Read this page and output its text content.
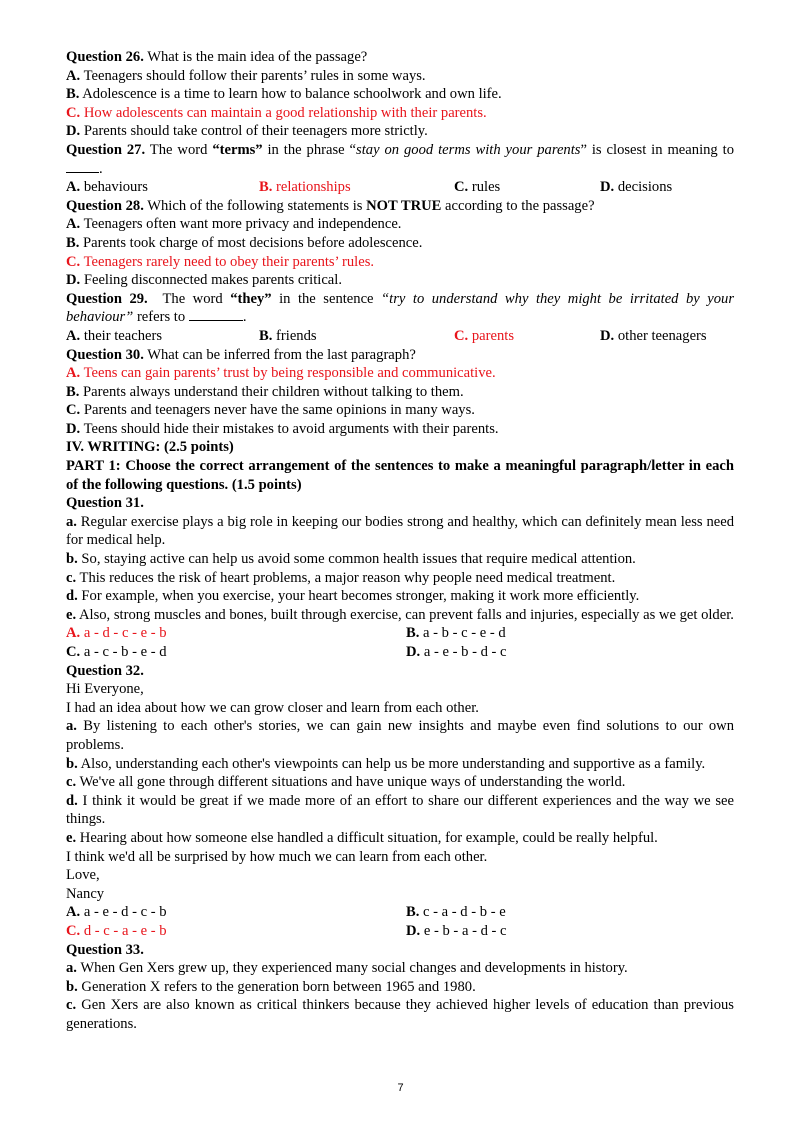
Question 26. What is the main idea of the passage?
A. Teenagers should follow their parents’ rules in some ways.
B. Adolescence is a time to learn how to balance schoolwork and own life.
C. How adolescents can maintain a good relationship with their parents.
D. Parents should take control of their teenagers more strictly.
Question 27. The word “terms” in the phrase “stay on good terms with your parents” is closest in meaning to .
A. behaviours	B. relationships	C. rules	D. decisions
Question 28. Which of the following statements is NOT TRUE according to the passage?
A. Teenagers often want more privacy and independence.
B. Parents took charge of most decisions before adolescence.
C. Teenagers rarely need to obey their parents’ rules.
D. Feeling disconnected makes parents critical.
Question 29.  The word “they” in the sentence “try to understand why they might be irritated by your behaviour” refers to	.
A. their teachers	B. friends	C. parents	D. other teenagers
Question 30. What can be inferred from the last paragraph?
A. Teens can gain parents’ trust by being responsible and communicative.
B. Parents always understand their children without talking to them.
C. Parents and teenagers never have the same opinions in many ways.
D. Teens should hide their mistakes to avoid arguments with their parents.
IV. WRITING: (2.5 points)
PART 1: Choose the correct arrangement of the sentences to make a meaningful paragraph/letter in each of the following questions. (1.5 points)
Question 31.
a. Regular exercise plays a big role in keeping our bodies strong and healthy, which can definitely mean less need for medical help.
b. So, staying active can help us avoid some common health issues that require medical attention.
c. This reduces the risk of heart problems, a major reason why people need medical treatment.
d. For example, when you exercise, your heart becomes stronger, making it work more efficiently.
e. Also, strong muscles and bones, built through exercise, can prevent falls and injuries, especially as we get older.
A. a - d - c - e - b	B. a - b - c - e - d
C. a - c - b - e - d	D. a - e - b - d - c
Question 32.
Hi Everyone,
I had an idea about how we can grow closer and learn from each other.
a. By listening to each other's stories, we can gain new insights and maybe even find solutions to our own problems.
b. Also, understanding each other's viewpoints can help us be more understanding and supportive as a family.
c. We've all gone through different situations and have unique ways of understanding the world.
d. I think it would be great if we made more of an effort to share our different experiences and the way we see things.
e. Hearing about how someone else handled a difficult situation, for example, could be really helpful.
I think we'd all be surprised by how much we can learn from each other.
Love,
Nancy
A. a - e - d - c - b	B. c - a - d - b - e
C. d - c - a - e - b	D. e - b - a - d - c
Question 33.
a. When Gen Xers grew up, they experienced many social changes and developments in history.
b. Generation X refers to the generation born between 1965 and 1980.
c. Gen Xers are also known as critical thinkers because they achieved higher levels of education than previous generations.
7
